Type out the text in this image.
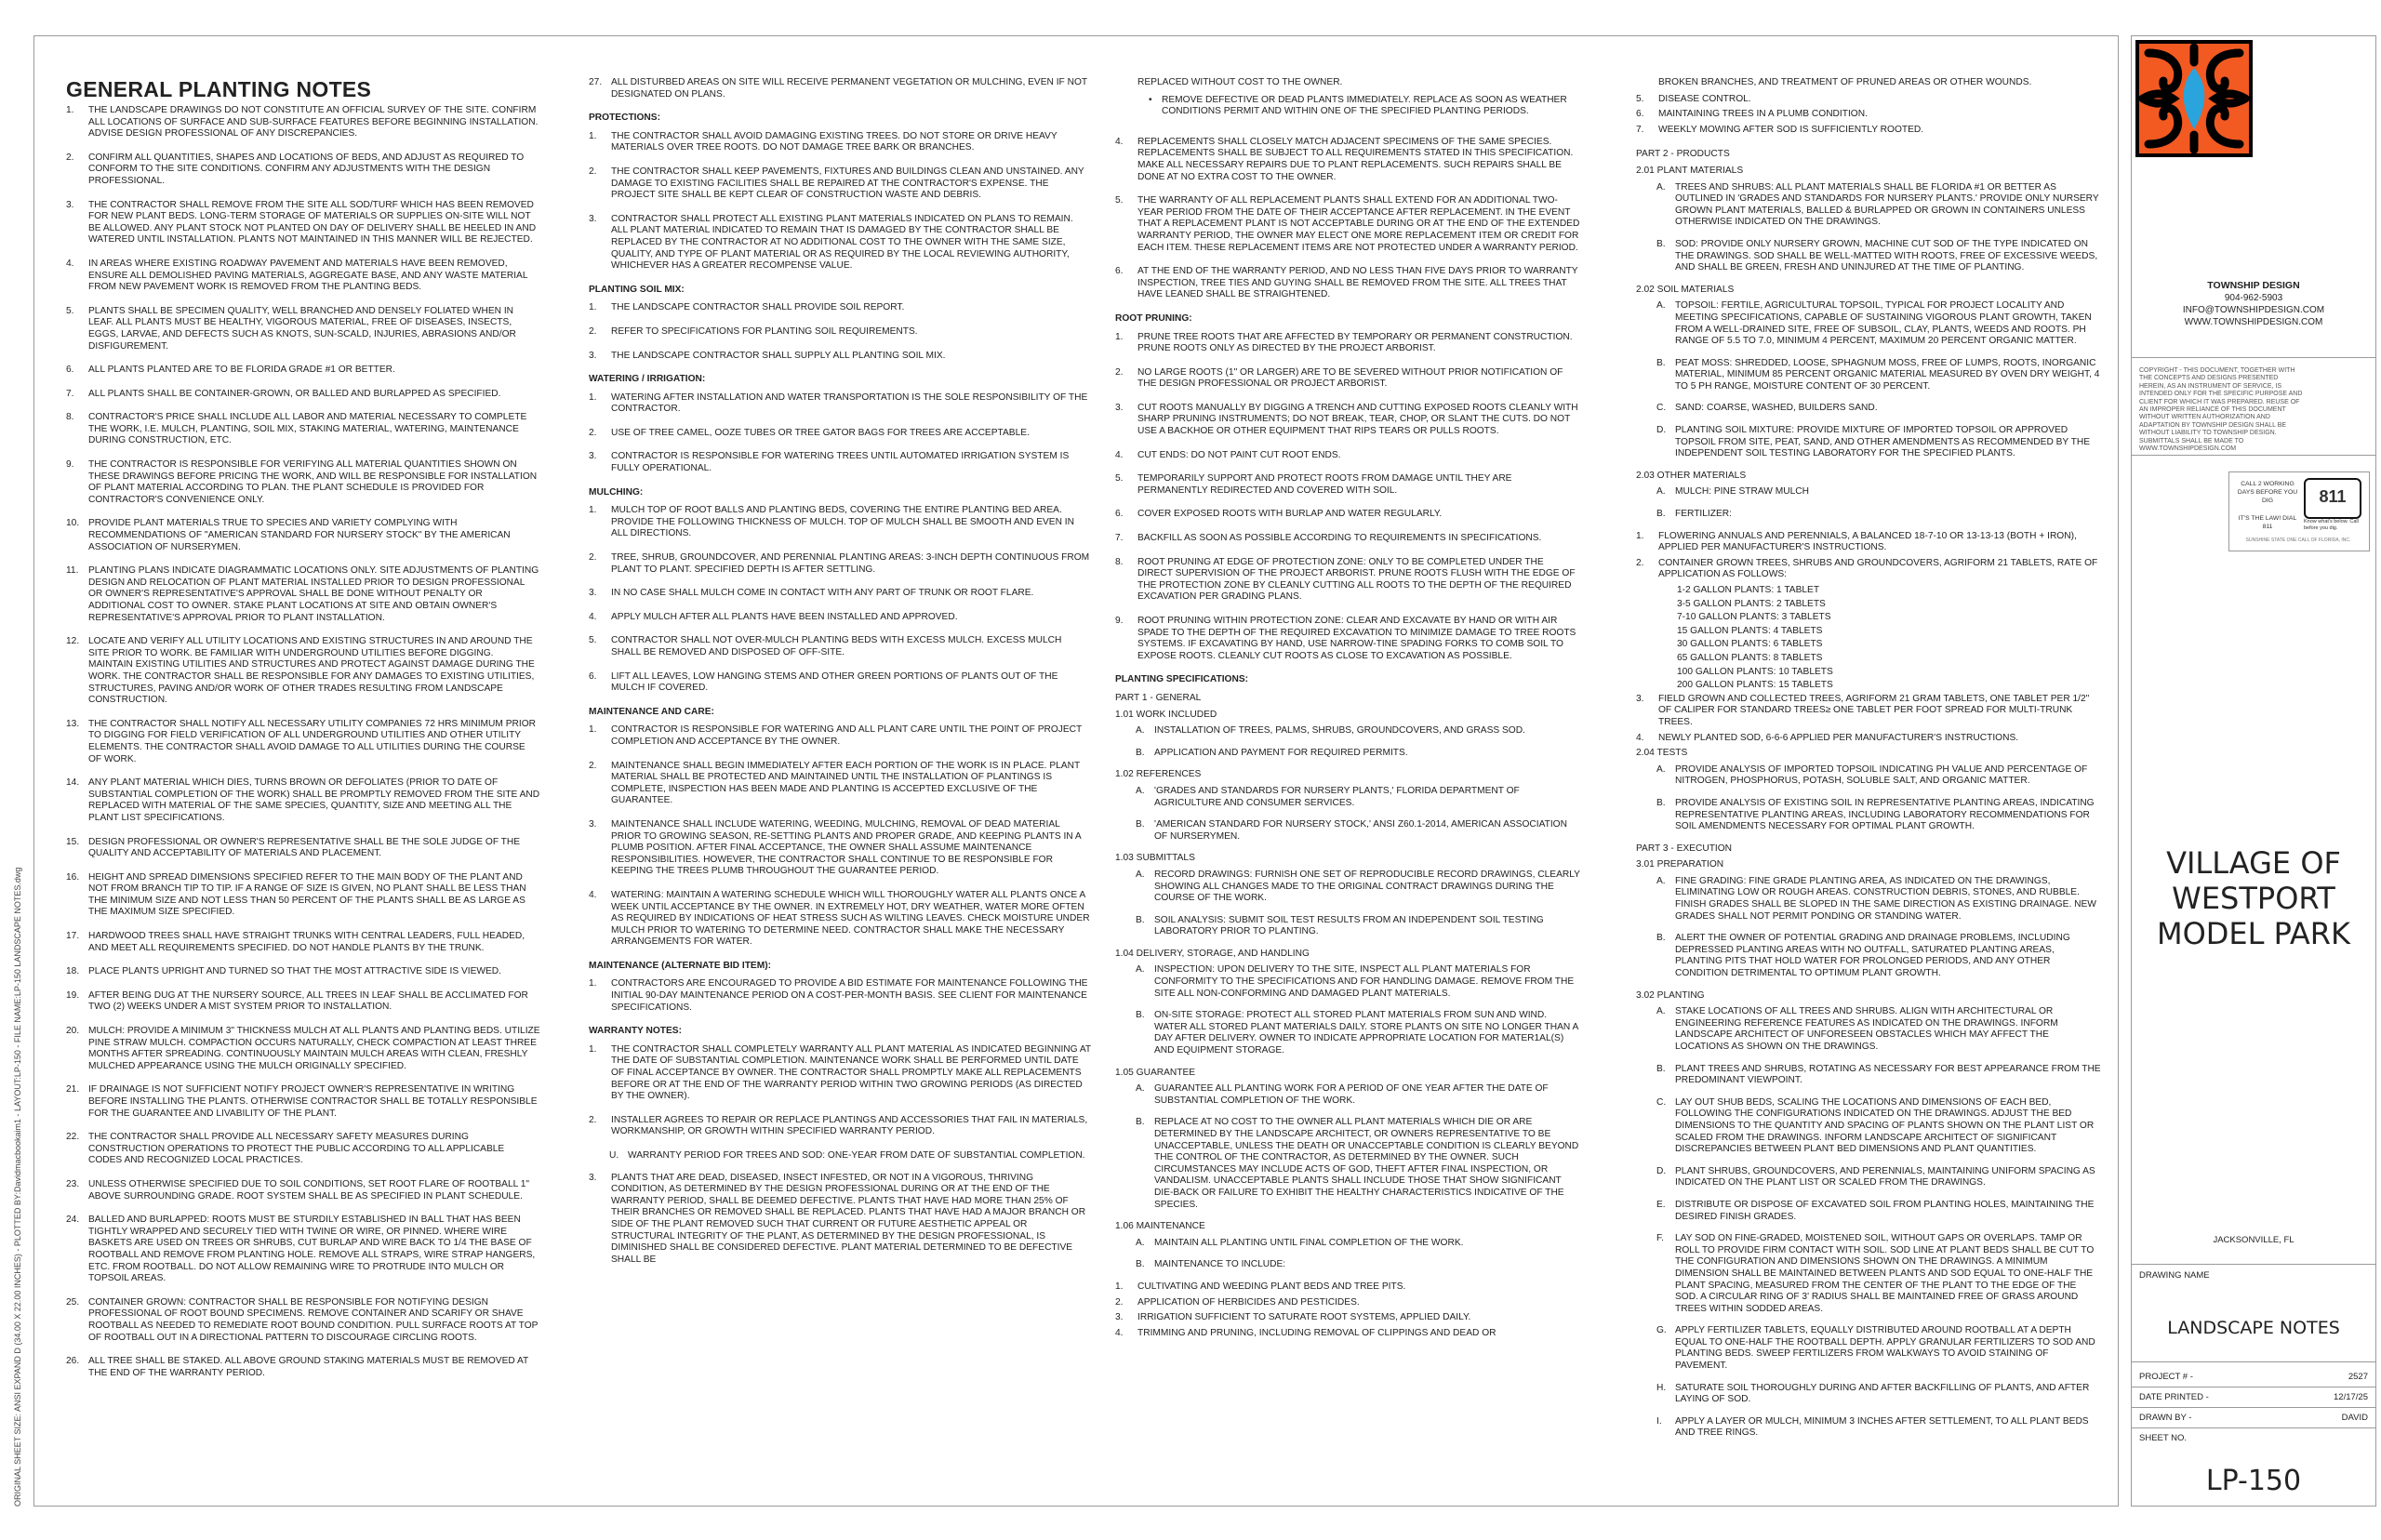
GENERAL PLANTING NOTES
1.	THE LANDSCAPE DRAWINGS DO NOT CONSTITUTE AN OFFICIAL SURVEY OF THE SITE. CONFIRM ALL LOCATIONS OF SURFACE AND SUB-SURFACE FEATURES BEFORE BEGINNING INSTALLATION. ADVISE DESIGN PROFESSIONAL OF ANY DISCREPANCIES.
2.	CONFIRM ALL QUANTITIES, SHAPES AND LOCATIONS OF BEDS, AND ADJUST AS REQUIRED TO CONFORM TO THE SITE CONDITIONS. CONFIRM ANY ADJUSTMENTS WITH THE DESIGN PROFESSIONAL.
3.	THE CONTRACTOR SHALL REMOVE FROM THE SITE ALL SOD/TURF WHICH HAS BEEN REMOVED FOR NEW PLANT BEDS. LONG-TERM STORAGE OF MATERIALS OR SUPPLIES ON-SITE WILL NOT BE ALLOWED. ANY PLANT STOCK NOT PLANTED ON DAY OF DELIVERY SHALL BE HEELED IN AND WATERED UNTIL INSTALLATION. PLANTS NOT MAINTAINED IN THIS MANNER WILL BE REJECTED.
4.	IN AREAS WHERE EXISTING ROADWAY PAVEMENT AND MATERIALS HAVE BEEN REMOVED, ENSURE ALL DEMOLISHED PAVING MATERIALS, AGGREGATE BASE, AND ANY WASTE MATERIAL FROM NEW PAVEMENT WORK IS REMOVED FROM THE PLANTING BEDS.
5.	PLANTS SHALL BE SPECIMEN QUALITY, WELL BRANCHED AND DENSELY FOLIATED WHEN IN LEAF. ALL PLANTS MUST BE HEALTHY, VIGOROUS MATERIAL, FREE OF DISEASES, INSECTS, EGGS, LARVAE, AND DEFECTS SUCH AS KNOTS, SUN-SCALD, INJURIES, ABRASIONS AND/OR DISFIGUREMENT.
6.	ALL PLANTS PLANTED ARE TO BE FLORIDA GRADE #1 OR BETTER.
7.	ALL PLANTS SHALL BE CONTAINER-GROWN, OR BALLED AND BURLAPPED AS SPECIFIED.
8.	CONTRACTOR'S PRICE SHALL INCLUDE ALL LABOR AND MATERIAL NECESSARY TO COMPLETE THE WORK, I.E. MULCH, PLANTING, SOIL MIX, STAKING MATERIAL, WATERING, MAINTENANCE DURING CONSTRUCTION, ETC.
9.	THE CONTRACTOR IS RESPONSIBLE FOR VERIFYING ALL MATERIAL QUANTITIES SHOWN ON THESE DRAWINGS BEFORE PRICING THE WORK, AND WILL BE RESPONSIBLE FOR INSTALLATION OF PLANT MATERIAL ACCORDING TO PLAN. THE PLANT SCHEDULE IS PROVIDED FOR CONTRACTOR'S CONVENIENCE ONLY.
10. PROVIDE PLANT MATERIALS TRUE TO SPECIES AND VARIETY COMPLYING WITH RECOMMENDATIONS OF "AMERICAN STANDARD FOR NURSERY STOCK" BY THE AMERICAN ASSOCIATION OF NURSERYMEN.
11.	PLANTING PLANS INDICATE DIAGRAMMATIC LOCATIONS ONLY. SITE ADJUSTMENTS OF PLANTING DESIGN AND RELOCATION OF PLANT MATERIAL INSTALLED PRIOR TO DESIGN PROFESSIONAL OR OWNER'S REPRESENTATIVE'S APPROVAL SHALL BE DONE WITHOUT PENALTY OR ADDITIONAL COST TO OWNER. STAKE PLANT LOCATIONS AT SITE AND OBTAIN OWNER'S REPRESENTATIVE'S APPROVAL PRIOR TO PLANT INSTALLATION.
12. LOCATE AND VERIFY ALL UTILITY LOCATIONS AND EXISTING STRUCTURES IN AND AROUND THE SITE PRIOR TO WORK. BE FAMILIAR WITH UNDERGROUND UTILITIES BEFORE DIGGING. MAINTAIN EXISTING UTILITIES AND STRUCTURES AND PROTECT AGAINST DAMAGE DURING THE WORK. THE CONTRACTOR SHALL BE RESPONSIBLE FOR ANY DAMAGES TO EXISTING UTILITIES, STRUCTURES, PAVING AND/OR WORK OF OTHER TRADES RESULTING FROM LANDSCAPE CONSTRUCTION.
13. THE CONTRACTOR SHALL NOTIFY ALL NECESSARY UTILITY COMPANIES 72 HRS MINIMUM PRIOR TO DIGGING FOR FIELD VERIFICATION OF ALL UNDERGROUND UTILITIES AND OTHER UTILITY ELEMENTS. THE CONTRACTOR SHALL AVOID DAMAGE TO ALL UTILITIES DURING THE COURSE OF WORK.
14. ANY PLANT MATERIAL WHICH DIES, TURNS BROWN OR DEFOLIATES (PRIOR TO DATE OF SUBSTANTIAL COMPLETION OF THE WORK) SHALL BE PROMPTLY REMOVED FROM THE SITE AND REPLACED WITH MATERIAL OF THE SAME SPECIES, QUANTITY, SIZE AND MEETING ALL THE PLANT LIST SPECIFICATIONS.
15. DESIGN PROFESSIONAL OR OWNER'S REPRESENTATIVE SHALL BE THE SOLE JUDGE OF THE QUALITY AND ACCEPTABILITY OF MATERIALS AND PLACEMENT.
16. HEIGHT AND SPREAD DIMENSIONS SPECIFIED REFER TO THE MAIN BODY OF THE PLANT AND NOT FROM BRANCH TIP TO TIP. IF A RANGE OF SIZE IS GIVEN, NO PLANT SHALL BE LESS THAN THE MINIMUM SIZE AND NOT LESS THAN 50 PERCENT OF THE PLANTS SHALL BE AS LARGE AS THE MAXIMUM SIZE SPECIFIED.
17. HARDWOOD TREES SHALL HAVE STRAIGHT TRUNKS WITH CENTRAL LEADERS, FULL HEADED, AND MEET ALL REQUIREMENTS SPECIFIED. DO NOT HANDLE PLANTS BY THE TRUNK.
18. PLACE PLANTS UPRIGHT AND TURNED SO THAT THE MOST ATTRACTIVE SIDE IS VIEWED.
19. AFTER BEING DUG AT THE NURSERY SOURCE, ALL TREES IN LEAF SHALL BE ACCLIMATED FOR TWO (2) WEEKS UNDER A MIST SYSTEM PRIOR TO INSTALLATION.
20. MULCH: PROVIDE A MINIMUM 3" THICKNESS MULCH AT ALL PLANTS AND PLANTING BEDS. UTILIZE PINE STRAW MULCH. COMPACTION OCCURS NATURALLY, CHECK COMPACTION AT LEAST THREE MONTHS AFTER SPREADING. CONTINUOUSLY MAINTAIN MULCH AREAS WITH CLEAN, FRESHLY MULCHED APPEARANCE USING THE MULCH ORIGINALLY SPECIFIED.
21. IF DRAINAGE IS NOT SUFFICIENT NOTIFY PROJECT OWNER'S REPRESENTATIVE IN WRITING BEFORE INSTALLING THE PLANTS. OTHERWISE CONTRACTOR SHALL BE TOTALLY RESPONSIBLE FOR THE GUARANTEE AND LIVABILITY OF THE PLANT.
22. THE CONTRACTOR SHALL PROVIDE ALL NECESSARY SAFETY MEASURES DURING CONSTRUCTION OPERATIONS TO PROTECT THE PUBLIC ACCORDING TO ALL APPLICABLE CODES AND RECOGNIZED LOCAL PRACTICES.
23. UNLESS OTHERWISE SPECIFIED DUE TO SOIL CONDITIONS, SET ROOT FLARE OF ROOTBALL 1" ABOVE SURROUNDING GRADE. ROOT SYSTEM SHALL BE AS SPECIFIED IN PLANT SCHEDULE.
24. BALLED AND BURLAPPED: ROOTS MUST BE STURDILY ESTABLISHED IN BALL THAT HAS BEEN TIGHTLY WRAPPED AND SECURELY TIED WITH TWINE OR WIRE, OR PINNED. WHERE WIRE BASKETS ARE USED ON TREES OR SHRUBS, CUT BURLAP AND WIRE BACK TO 1/4 THE BASE OF ROOTBALL AND REMOVE FROM PLANTING HOLE. REMOVE ALL STRAPS, WIRE STRAP HANGERS, ETC. FROM ROOTBALL. DO NOT ALLOW REMAINING WIRE TO PROTRUDE INTO MULCH OR TOPSOIL AREAS.
25. CONTAINER GROWN: CONTRACTOR SHALL BE RESPONSIBLE FOR NOTIFYING DESIGN PROFESSIONAL OF ROOT BOUND SPECIMENS. REMOVE CONTAINER AND SCARIFY OR SHAVE ROOTBALL AS NEEDED TO REMEDIATE ROOT BOUND CONDITION. PULL SURFACE ROOTS AT TOP OF ROOTBALL OUT IN A DIRECTIONAL PATTERN TO DISCOURAGE CIRCLING ROOTS.
26. ALL TREE SHALL BE STAKED. ALL ABOVE GROUND STAKING MATERIALS MUST BE REMOVED AT THE END OF THE WARRANTY PERIOD.
27. ALL DISTURBED AREAS ON SITE WILL RECEIVE PERMANENT VEGETATION OR MULCHING, EVEN IF NOT DESIGNATED ON PLANS.
PROTECTIONS:
1.	THE CONTRACTOR SHALL AVOID DAMAGING EXISTING TREES. DO NOT STORE OR DRIVE HEAVY MATERIALS OVER TREE ROOTS. DO NOT DAMAGE TREE BARK OR BRANCHES.
2.	THE CONTRACTOR SHALL KEEP PAVEMENTS, FIXTURES AND BUILDINGS CLEAN AND UNSTAINED. ANY DAMAGE TO EXISTING FACILITIES SHALL BE REPAIRED AT THE CONTRACTOR'S EXPENSE. THE PROJECT SITE SHALL BE KEPT CLEAR OF CONSTRUCTION WASTE AND DEBRIS.
3.	CONTRACTOR SHALL PROTECT ALL EXISTING PLANT MATERIALS INDICATED ON PLANS TO REMAIN. ALL PLANT MATERIAL INDICATED TO REMAIN THAT IS DAMAGED BY THE CONTRACTOR SHALL BE REPLACED BY THE CONTRACTOR AT NO ADDITIONAL COST TO THE OWNER WITH THE SAME SIZE, QUALITY, AND TYPE OF PLANT MATERIAL OR AS REQUIRED BY THE LOCAL REVIEWING AUTHORITY, WHICHEVER HAS A GREATER RECOMPENSE VALUE.
PLANTING SOIL MIX:
1.	THE LANDSCAPE CONTRACTOR SHALL PROVIDE SOIL REPORT.
2.	REFER TO SPECIFICATIONS FOR PLANTING SOIL REQUIREMENTS.
3.	THE LANDSCAPE CONTRACTOR SHALL SUPPLY ALL PLANTING SOIL MIX.
WATERING / IRRIGATION:
1.	WATERING AFTER INSTALLATION AND WATER TRANSPORTATION IS THE SOLE RESPONSIBILITY OF THE CONTRACTOR.
2.	USE OF TREE CAMEL, OOZE TUBES OR TREE GATOR BAGS FOR TREES ARE ACCEPTABLE.
3.	CONTRACTOR IS RESPONSIBLE FOR WATERING TREES UNTIL AUTOMATED IRRIGATION SYSTEM IS FULLY OPERATIONAL.
MULCHING:
1.	MULCH TOP OF ROOT BALLS AND PLANTING BEDS, COVERING THE ENTIRE PLANTING BED AREA. PROVIDE THE FOLLOWING THICKNESS OF MULCH. TOP OF MULCH SHALL BE SMOOTH AND EVEN IN ALL DIRECTIONS.
2.	TREE, SHRUB, GROUNDCOVER, AND PERENNIAL PLANTING AREAS: 3-INCH DEPTH CONTINUOUS FROM PLANT TO PLANT. SPECIFIED DEPTH IS AFTER SETTLING.
3.	IN NO CASE SHALL MULCH COME IN CONTACT WITH ANY PART OF TRUNK OR ROOT FLARE.
4.	APPLY MULCH AFTER ALL PLANTS HAVE BEEN INSTALLED AND APPROVED.
5.	CONTRACTOR SHALL NOT OVER-MULCH PLANTING BEDS WITH EXCESS MULCH. EXCESS MULCH SHALL BE REMOVED AND DISPOSED OF OFF-SITE.
6.	LIFT ALL LEAVES, LOW HANGING STEMS AND OTHER GREEN PORTIONS OF PLANTS OUT OF THE MULCH IF COVERED.
MAINTENANCE AND CARE:
1.	CONTRACTOR IS RESPONSIBLE FOR WATERING AND ALL PLANT CARE UNTIL THE POINT OF PROJECT COMPLETION AND ACCEPTANCE BY THE OWNER.
2.	MAINTENANCE SHALL BEGIN IMMEDIATELY AFTER EACH PORTION OF THE WORK IS IN PLACE. PLANT MATERIAL SHALL BE PROTECTED AND MAINTAINED UNTIL THE INSTALLATION OF PLANTINGS IS COMPLETE, INSPECTION HAS BEEN MADE AND PLANTING IS ACCEPTED EXCLUSIVE OF THE GUARANTEE.
3.	MAINTENANCE SHALL INCLUDE WATERING, WEEDING, MULCHING, REMOVAL OF DEAD MATERIAL PRIOR TO GROWING SEASON, RE-SETTING PLANTS AND PROPER GRADE, AND KEEPING PLANTS IN A PLUMB POSITION. AFTER FINAL ACCEPTANCE, THE OWNER SHALL ASSUME MAINTENANCE RESPONSIBILITIES. HOWEVER, THE CONTRACTOR SHALL CONTINUE TO BE RESPONSIBLE FOR KEEPING THE TREES PLUMB THROUGHOUT THE GUARANTEE PERIOD.
4.	WATERING: MAINTAIN A WATERING SCHEDULE WHICH WILL THOROUGHLY WATER ALL PLANTS ONCE A WEEK UNTIL ACCEPTANCE BY THE OWNER. IN EXTREMELY HOT, DRY WEATHER, WATER MORE OFTEN AS REQUIRED BY INDICATIONS OF HEAT STRESS SUCH AS WILTING LEAVES. CHECK MOISTURE UNDER MULCH PRIOR TO WATERING TO DETERMINE NEED. CONTRACTOR SHALL MAKE THE NECESSARY ARRANGEMENTS FOR WATER.
MAINTENANCE (ALTERNATE BID ITEM):
1.	CONTRACTORS ARE ENCOURAGED TO PROVIDE A BID ESTIMATE FOR MAINTENANCE FOLLOWING THE INITIAL 90-DAY MAINTENANCE PERIOD ON A COST-PER-MONTH BASIS. SEE CLIENT FOR MAINTENANCE SPECIFICATIONS.
WARRANTY NOTES:
1.	THE CONTRACTOR SHALL COMPLETELY WARRANTY ALL PLANT MATERIAL AS INDICATED BEGINNING AT THE DATE OF SUBSTANTIAL COMPLETION. MAINTENANCE WORK SHALL BE PERFORMED UNTIL DATE OF FINAL ACCEPTANCE BY OWNER. THE CONTRACTOR SHALL PROMPTLY MAKE ALL REPLACEMENTS BEFORE OR AT THE END OF THE WARRANTY PERIOD WITHIN TWO GROWING PERIODS (AS DIRECTED BY THE OWNER).
2.	INSTALLER AGREES TO REPAIR OR REPLACE PLANTINGS AND ACCESSORIES THAT FAIL IN MATERIALS, WORKMANSHIP, OR GROWTH WITHIN SPECIFIED WARRANTY PERIOD.
U. WARRANTY PERIOD FOR TREES AND SOD: ONE-YEAR FROM DATE OF SUBSTANTIAL COMPLETION.
3.	PLANTS THAT ARE DEAD, DISEASED, INSECT INFESTED, OR NOT IN A VIGOROUS, THRIVING CONDITION, AS DETERMINED BY THE DESIGN PROFESSIONAL DURING OR AT THE END OF THE WARRANTY PERIOD, SHALL BE DEEMED DEFECTIVE. PLANTS THAT HAVE HAD MORE THAN 25% OF THEIR BRANCHES OR REMOVED SHALL BE REPLACED. PLANTS THAT HAVE HAD A MAJOR BRANCH OR SIDE OF THE PLANT REMOVED SUCH THAT CURRENT OR FUTURE AESTHETIC APPEAL OR STRUCTURAL INTEGRITY OF THE PLANT, AS DETERMINED BY THE DESIGN PROFESSIONAL, IS DIMINISHED SHALL BE CONSIDERED DEFECTIVE. PLANT MATERIAL DETERMINED TO BE DEFECTIVE SHALL BE
REPLACED WITHOUT COST TO THE OWNER.
•	REMOVE DEFECTIVE OR DEAD PLANTS IMMEDIATELY. REPLACE AS SOON AS WEATHER CONDITIONS PERMIT AND WITHIN ONE OF THE SPECIFIED PLANTING PERIODS.
4.	REPLACEMENTS SHALL CLOSELY MATCH ADJACENT SPECIMENS OF THE SAME SPECIES. REPLACEMENTS SHALL BE SUBJECT TO ALL REQUIREMENTS STATED IN THIS SPECIFICATION. MAKE ALL NECESSARY REPAIRS DUE TO PLANT REPLACEMENTS. SUCH REPAIRS SHALL BE DONE AT NO EXTRA COST TO THE OWNER.
5.	THE WARRANTY OF ALL REPLACEMENT PLANTS SHALL EXTEND FOR AN ADDITIONAL TWO-YEAR PERIOD FROM THE DATE OF THEIR ACCEPTANCE AFTER REPLACEMENT. IN THE EVENT THAT A REPLACEMENT PLANT IS NOT ACCEPTABLE DURING OR AT THE END OF THE EXTENDED WARRANTY PERIOD, THE OWNER MAY ELECT ONE MORE REPLACEMENT ITEM OR CREDIT FOR EACH ITEM. THESE REPLACEMENT ITEMS ARE NOT PROTECTED UNDER A WARRANTY PERIOD.
6.	AT THE END OF THE WARRANTY PERIOD, AND NO LESS THAN FIVE DAYS PRIOR TO WARRANTY INSPECTION, TREE TIES AND GUYING SHALL BE REMOVED FROM THE SITE. ALL TREES THAT HAVE LEANED SHALL BE STRAIGHTENED.
ROOT PRUNING:
1.	PRUNE TREE ROOTS THAT ARE AFFECTED BY TEMPORARY OR PERMANENT CONSTRUCTION. PRUNE ROOTS ONLY AS DIRECTED BY THE PROJECT ARBORIST.
2.	NO LARGE ROOTS (1" OR LARGER) ARE TO BE SEVERED WITHOUT PRIOR NOTIFICATION OF THE DESIGN PROFESSIONAL OR PROJECT ARBORIST.
3.	CUT ROOTS MANUALLY BY DIGGING A TRENCH AND CUTTING EXPOSED ROOTS CLEANLY WITH SHARP PRUNING INSTRUMENTS; DO NOT BREAK, TEAR, CHOP, OR SLANT THE CUTS. DO NOT USE A BACKHOE OR OTHER EQUIPMENT THAT RIPS TEARS OR PULLS ROOTS.
4.	CUT ENDS: DO NOT PAINT CUT ROOT ENDS.
5.	TEMPORARILY SUPPORT AND PROTECT ROOTS FROM DAMAGE UNTIL THEY ARE PERMANENTLY REDIRECTED AND COVERED WITH SOIL.
6.	COVER EXPOSED ROOTS WITH BURLAP AND WATER REGULARLY.
7.	BACKFILL AS SOON AS POSSIBLE ACCORDING TO REQUIREMENTS IN SPECIFICATIONS.
8.	ROOT PRUNING AT EDGE OF PROTECTION ZONE: ONLY TO BE COMPLETED UNDER THE DIRECT SUPERVISION OF THE PROJECT ARBORIST. PRUNE ROOTS FLUSH WITH THE EDGE OF THE PROTECTION ZONE BY CLEANLY CUTTING ALL ROOTS TO THE DEPTH OF THE REQUIRED EXCAVATION PER GRADING PLANS.
9.	ROOT PRUNING WITHIN PROTECTION ZONE: CLEAR AND EXCAVATE BY HAND OR WITH AIR SPADE TO THE DEPTH OF THE REQUIRED EXCAVATION TO MINIMIZE DAMAGE TO TREE ROOTS SYSTEMS. IF EXCAVATING BY HAND, USE NARROW-TINE SPADING FORKS TO COMB SOIL TO EXPOSE ROOTS. CLEANLY CUT ROOTS AS CLOSE TO EXCAVATION AS POSSIBLE.
PLANTING SPECIFICATIONS:
PART 1 - GENERAL
1.01 WORK INCLUDED
A.	INSTALLATION OF TREES, PALMS, SHRUBS, GROUNDCOVERS, AND GRASS SOD.
B.	APPLICATION AND PAYMENT FOR REQUIRED PERMITS.
1.02 REFERENCES
A.	'GRADES AND STANDARDS FOR NURSERY PLANTS,' FLORIDA DEPARTMENT OF AGRICULTURE AND CONSUMER SERVICES.
B.	'AMERICAN STANDARD FOR NURSERY STOCK,' ANSI Z60.1-2014, AMERICAN ASSOCIATION OF NURSERYMEN.
1.03 SUBMITTALS
A.	RECORD DRAWINGS: FURNISH ONE SET OF REPRODUCIBLE RECORD DRAWINGS, CLEARLY SHOWING ALL CHANGES MADE TO THE ORIGINAL CONTRACT DRAWINGS DURING THE COURSE OF THE WORK.
B.	SOIL ANALYSIS: SUBMIT SOIL TEST RESULTS FROM AN INDEPENDENT SOIL TESTING LABORATORY PRIOR TO PLANTING.
1.04 DELIVERY, STORAGE, AND HANDLING
A.	INSPECTION: UPON DELIVERY TO THE SITE, INSPECT ALL PLANT MATERIALS FOR CONFORMITY TO THE SPECIFICATIONS AND FOR HANDLING DAMAGE. REMOVE FROM THE SITE ALL NON-CONFORMING AND DAMAGED PLANT MATERIALS.
B.	ON-SITE STORAGE: PROTECT ALL STORED PLANT MATERIALS FROM SUN AND WIND. WATER ALL STORED PLANT MATERIALS DAILY. STORE PLANTS ON SITE NO LONGER THAN A DAY AFTER DELIVERY. OWNER TO INDICATE APPROPRIATE LOCATION FOR MATER1AL(S) AND EQUIPMENT STORAGE.
1.05 GUARANTEE
A.	GUARANTEE ALL PLANTING WORK FOR A PERIOD OF ONE YEAR AFTER THE DATE OF SUBSTANTIAL COMPLETION OF THE WORK.
B.	REPLACE AT NO COST TO THE OWNER ALL PLANT MATERIALS WHICH DIE OR ARE DETERMINED BY THE LANDSCAPE ARCHITECT, OR OWNERS REPRESENTATIVE TO BE UNACCEPTABLE, UNLESS THE DEATH OR UNACCEPTABLE CONDITION IS CLEARLY BEYOND THE CONTROL OF THE CONTRACTOR, AS DETERMINED BY THE OWNER. SUCH CIRCUMSTANCES MAY INCLUDE ACTS OF GOD, THEFT AFTER FINAL INSPECTION, OR VANDALISM. UNACCEPTABLE PLANTS SHALL INCLUDE THOSE THAT SHOW SIGNIFICANT DIE-BACK OR FAILURE TO EXHIBIT THE HEALTHY CHARACTERISTICS INDICATIVE OF THE SPECIES.
1.06 MAINTENANCE
A.	MAINTAIN ALL PLANTING UNTIL FINAL COMPLETION OF THE WORK.
B.	MAINTENANCE TO INCLUDE:
1.	CULTIVATING AND WEEDING PLANT BEDS AND TREE PITS.
2.	APPLICATION OF HERBICIDES AND PESTICIDES.
3.	IRRIGATION SUFFICIENT TO SATURATE ROOT SYSTEMS, APPLIED DAILY.
4.	TRIMMING AND PRUNING, INCLUDING REMOVAL OF CLIPPINGS AND DEAD OR
BROKEN BRANCHES, AND TREATMENT OF PRUNED AREAS OR OTHER WOUNDS.
5.	DISEASE CONTROL.
6.	MAINTAINING TREES IN A PLUMB CONDITION.
7.	WEEKLY MOWING AFTER SOD IS SUFFICIENTLY ROOTED.
PART 2 - PRODUCTS
2.01 PLANT MATERIALS
A.	TREES AND SHRUBS: ALL PLANT MATERIALS SHALL BE FLORIDA #1 OR BETTER AS OUTLINED IN 'GRADES AND STANDARDS FOR NURSERY PLANTS.' PROVIDE ONLY NURSERY GROWN PLANT MATERIALS, BALLED & BURLAPPED OR GROWN IN CONTAINERS UNLESS OTHERWISE INDICATED ON THE DRAWINGS.
B.	SOD: PROVIDE ONLY NURSERY GROWN, MACHINE CUT SOD OF THE TYPE INDICATED ON THE DRAWINGS. SOD SHALL BE WELL-MATTED WITH ROOTS, FREE OF EXCESSIVE WEEDS, AND SHALL BE GREEN, FRESH AND UNINJURED AT THE TIME OF PLANTING.
2.02 SOIL MATERIALS
A.	TOPSOIL: FERTILE, AGRICULTURAL TOPSOIL, TYPICAL FOR PROJECT LOCALITY AND MEETING SPECIFICATIONS, CAPABLE OF SUSTAINING VIGOROUS PLANT GROWTH, TAKEN FROM A WELL-DRAINED SITE, FREE OF SUBSOIL, CLAY, PLANTS, WEEDS AND ROOTS. PH RANGE OF 5.5 TO 7.0, MINIMUM 4 PERCENT, MAXIMUM 20 PERCENT ORGANIC MATTER.
B.	PEAT MOSS: SHREDDED, LOOSE, SPHAGNUM MOSS, FREE OF LUMPS, ROOTS, INORGANIC MATERIAL, MINIMUM 85 PERCENT ORGANIC MATERIAL MEASURED BY OVEN DRY WEIGHT, 4 TO 5 PH RANGE, MOISTURE CONTENT OF 30 PERCENT.
C. SAND: COARSE, WASHED, BUILDERS SAND.
D. PLANTING SOIL MIXTURE: PROVIDE MIXTURE OF IMPORTED TOPSOIL OR APPROVED TOPSOIL FROM SITE, PEAT, SAND, AND OTHER AMENDMENTS AS RECOMMENDED BY THE INDEPENDENT SOIL TESTING LABORATORY FOR THE SPECIFIED PLANTS.
2.03 OTHER MATERIALS
A.	MULCH: PINE STRAW MULCH
B.	FERTILIZER:
1.	FLOWERING ANNUALS AND PERENNIALS, A BALANCED 18-7-10 OR 13-13-13 (BOTH + IRON), APPLIED PER MANUFACTURER'S INSTRUCTIONS.
2.	CONTAINER GROWN TREES, SHRUBS AND GROUNDCOVERS, AGRIFORM 21 TABLETS, RATE OF APPLICATION AS FOLLOWS:
1-2 GALLON PLANTS: 1 TABLET
3-5 GALLON PLANTS: 2 TABLETS
7-10 GALLON PLANTS: 3 TABLETS
15 GALLON PLANTS: 4 TABLETS
30 GALLON PLANTS: 6 TABLETS
65 GALLON PLANTS: 8 TABLETS
100 GALLON PLANTS: 10 TABLETS
200 GALLON PLANTS: 15 TABLETS
3.	FIELD GROWN AND COLLECTED TREES, AGRIFORM 21 GRAM TABLETS, ONE TABLET PER 1/2" OF CALIPER FOR STANDARD TREES≥ ONE TABLET PER FOOT SPREAD FOR MULTI-TRUNK TREES.
4.	NEWLY PLANTED SOD, 6-6-6 APPLIED PER MANUFACTURER'S INSTRUCTIONS.
2.04 TESTS
A.	PROVIDE ANALYSIS OF IMPORTED TOPSOIL INDICATING PH VALUE AND PERCENTAGE OF NITROGEN, PHOSPHORUS, POTASH, SOLUBLE SALT, AND ORGANIC MATTER.
B.	PROVIDE ANALYSIS OF EXISTING SOIL IN REPRESENTATIVE PLANTING AREAS, INDICATING REPRESENTATIVE PLANTING AREAS, INCLUDING LABORATORY RECOMMENDATIONS FOR SOIL AMENDMENTS NECESSARY FOR OPTIMAL PLANT GROWTH.
PART 3 - EXECUTION
3.01 PREPARATION
A.	FINE GRADING: FINE GRADE PLANTING AREA, AS INDICATED ON THE DRAWINGS, ELIMINATING LOW OR ROUGH AREAS. CONSTRUCTION DEBRIS, STONES, AND RUBBLE. FINISH GRADES SHALL BE SLOPED IN THE SAME DIRECTION AS EXISTING DRAINAGE. NEW GRADES SHALL NOT PERMIT PONDING OR STANDING WATER.
B.	ALERT THE OWNER OF POTENTIAL GRADING AND DRAINAGE PROBLEMS, INCLUDING DEPRESSED PLANTING AREAS WITH NO OUTFALL, SATURATED PLANTING AREAS, PLANTING PITS THAT HOLD WATER FOR PROLONGED PERIODS, AND ANY OTHER CONDITION DETRIMENTAL TO OPTIMUM PLANT GROWTH.
3.02 PLANTING
A.	STAKE LOCATIONS OF ALL TREES AND SHRUBS. ALIGN WITH ARCHITECTURAL OR ENGINEERING REFERENCE FEATURES AS INDICATED ON THE DRAWINGS. INFORM LANDSCAPE ARCHITECT OF UNFORESEEN OBSTACLES WHICH MAY AFFECT THE LOCATIONS AS SHOWN ON THE DRAWINGS.
B.	PLANT TREES AND SHRUBS, ROTATING AS NECESSARY FOR BEST APPEARANCE FROM THE PREDOMINANT VIEWPOINT.
C. LAY OUT SHUB BEDS, SCALING THE LOCATIONS AND DIMENSIONS OF EACH BED, FOLLOWING THE CONFIGURATIONS INDICATED ON THE DRAWINGS. ADJUST THE BED DIMENSIONS TO THE QUANTITY AND SPACING OF PLANTS SHOWN ON THE PLANT LIST OR SCALED FROM THE DRAWINGS. INFORM LANDSCAPE ARCHITECT OF SIGNIFICANT DISCREPANCIES BETWEEN PLANT BED DIMENSIONS AND PLANT QUANTITIES.
D. PLANT SHRUBS, GROUNDCOVERS, AND PERENNIALS, MAINTAINING UNIFORM SPACING AS INDICATED ON THE PLANT LIST OR SCALED FROM THE DRAWINGS.
E.	DISTRIBUTE OR DISPOSE OF EXCAVATED SOIL FROM PLANTING HOLES, MAINTAINING THE DESIRED FINISH GRADES.
F.	LAY SOD ON FINE-GRADED, MOISTENED SOIL, WITHOUT GAPS OR OVERLAPS. TAMP OR ROLL TO PROVIDE FIRM CONTACT WITH SOIL. SOD LINE AT PLANT BEDS SHALL BE CUT TO THE CONFIGURATION AND DIMENSIONS SHOWN ON THE DRAWINGS. A MINIMUM DIMENSION SHALL BE MAINTAINED BETWEEN PLANTS AND SOD EQUAL TO ONE-HALF THE PLANT SPACING, MEASURED FROM THE CENTER OF THE PLANT TO THE EDGE OF THE SOD. A CIRCULAR RING OF 3' RADIUS SHALL BE MAINTAINED FREE OF GRASS AROUND TREES WITHIN SODDED AREAS.
G. APPLY FERTILIZER TABLETS, EQUALLY DISTRIBUTED AROUND ROOTBALL AT A DEPTH EQUAL TO ONE-HALF THE ROOTBALL DEPTH. APPLY GRANULAR FERTILIZERS TO SOD AND PLANTING BEDS. SWEEP FERTILIZERS FROM WALKWAYS TO AVOID STAINING OF PAVEMENT.
H. SATURATE SOIL THOROUGHLY DURING AND AFTER BACKFILLING OF PLANTS, AND AFTER LAYING OF SOD.
I.	APPLY A LAYER OR MULCH, MINIMUM 3 INCHES AFTER SETTLEMENT, TO ALL PLANT BEDS AND TREE RINGS.
ORIGINAL SHEET SIZE: ANSI EXPAND D (34.00 X 22.00 INCHES) - PLOTTED BY:Davidmacbookaim1 - LAYOUT:LP-150 - FILE NAME:LP-150 LANDSCAPE NOTES.dwg
TOWNSHIP DESIGN
904-962-5903
INFO@TOWNSHIPDESIGN.COM
WWW.TOWNSHIPDESIGN.COM
COPYRIGHT - THIS DOCUMENT, TOGETHER WITH THE CONCEPTS AND DESIGNS PRESENTED HEREIN, AS AN INSTRUMENT OF SERVICE, IS INTENDED ONLY FOR THE SPECIFIC PURPOSE AND CLIENT FOR WHICH IT WAS PREPARED. REUSE OF AN IMPROPER RELIANCE OF THIS DOCUMENT WITHOUT WRITTEN AUTHORIZATION AND ADAPTATION BY TOWNSHIP DESIGN SHALL BE WITHOUT LIABILITY TO TOWNSHIP DESIGN. SUBMITTALS SHALL BE MADE TO WWW.TOWNSHIPDESIGN.COM
CALL 2 WORKING DAYS BEFORE YOU DIG
IT'S THE LAW! DIAL 811
811
Know what's below. Call before you dig.
SUNSHINE STATE ONE CALL OF FLORIDA, INC.
VILLAGE OF WESTPORT MODEL PARK
JACKSONVILLE, FL
DRAWING NAME
LANDSCAPE NOTES
PROJECT # -	2527
DATE PRINTED -	12/17/25
DRAWN BY -	DAVID
SHEET NO.
LP-150
